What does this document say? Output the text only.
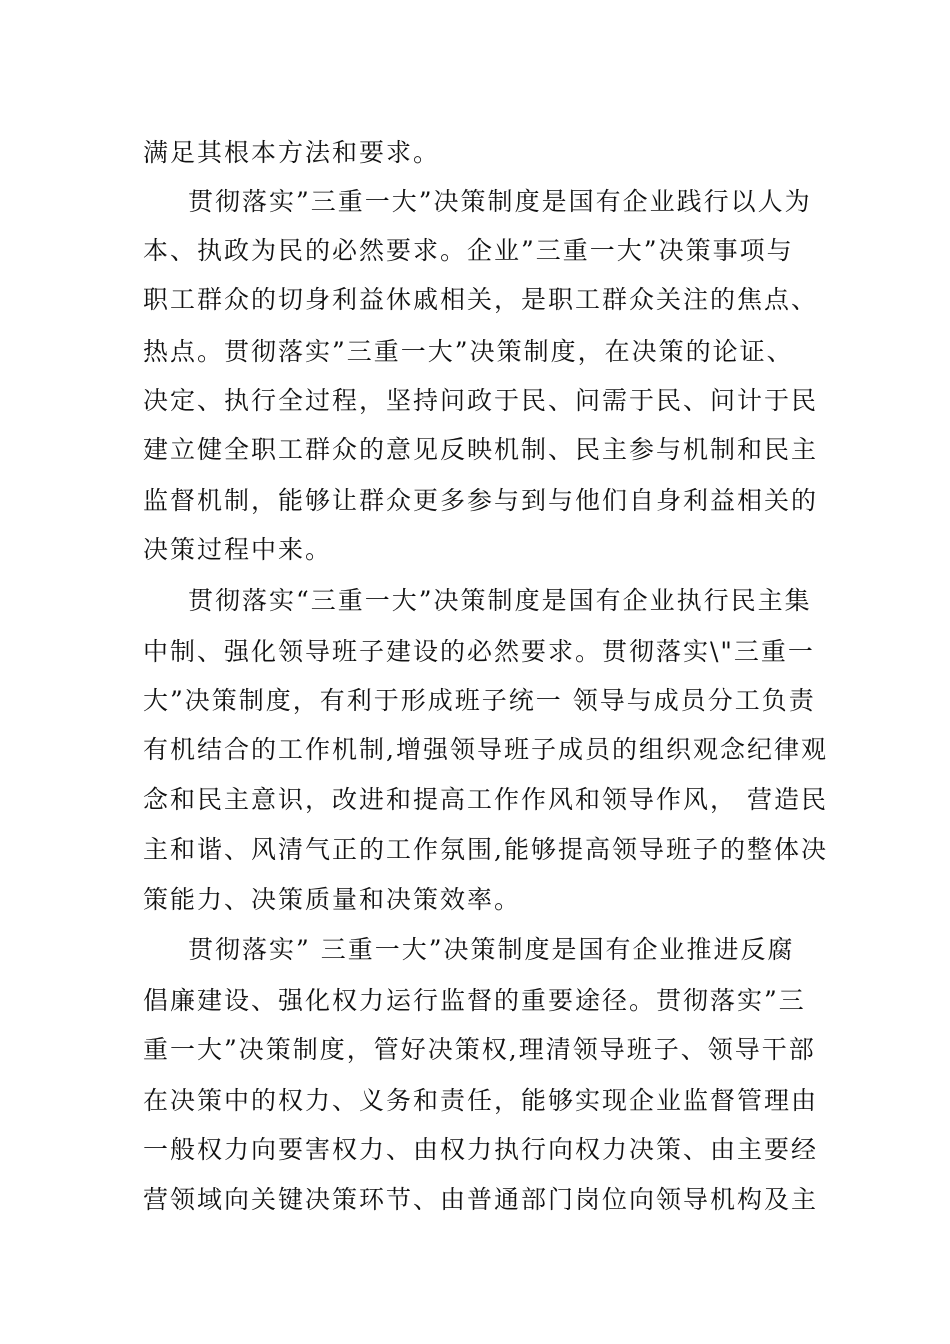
满足其根本方法和要求。
贯彻落实”三重一大”决策制度是国有企业践行以人为
本、执政为民的必然要求。企业”三重一大”决策事项与
职工群众的切身利益休戚相关，是职工群众关注的焦点、
热点。贯彻落实”三重一大”决策制度，在决策的论证、
决定、执行全过程，坚持问政于民、问需于民、问计于民
建立健全职工群众的意见反映机制、民主参与机制和民主
监督机制，能够让群众更多参与到与他们自身利益相关的
决策过程中来。
贯彻落实“三重一大”决策制度是国有企业执行民主集
中制、强化领导班子建设的必然要求。贯彻落实\"三重一
大”决策制度，有利于形成班子统一 领导与成员分工负责
有机结合的工作机制,增强领导班子成员的组织观念纪律观
念和民主意识，改进和提高工作作风和领导作风， 营造民
主和谐、风清气正的工作氛围,能够提高领导班子的整体决
策能力、决策质量和决策效率。
贯彻落实” 三重一大”决策制度是国有企业推进反腐
倡廉建设、强化权力运行监督的重要途径。贯彻落实”三
重一大”决策制度，管好决策权,理清领导班子、领导干部
在决策中的权力、义务和责任，能够实现企业监督管理由
一般权力向要害权力、由权力执行向权力决策、由主要经
营领域向关键决策环节、由普通部门岗位向领导机构及主
